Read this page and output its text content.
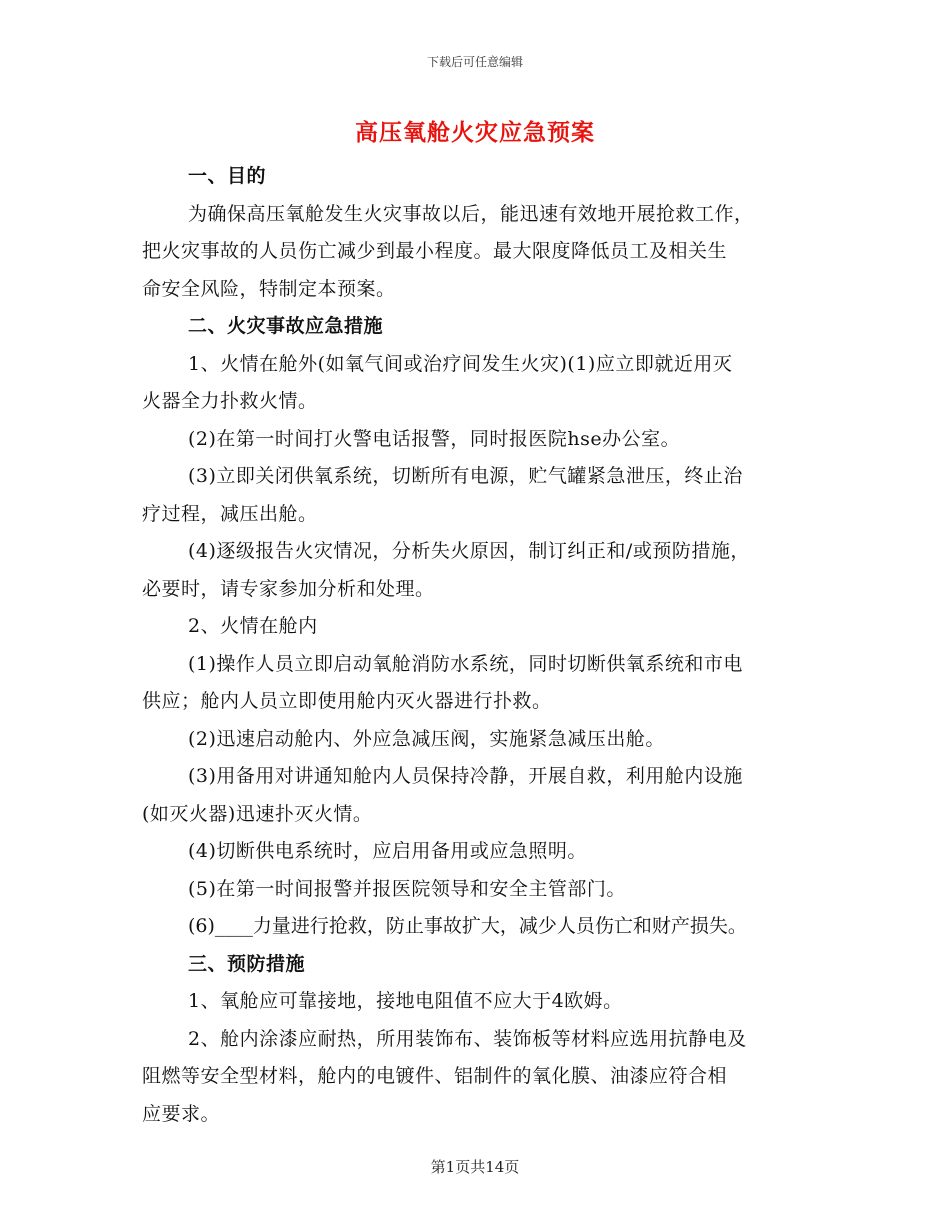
下载后可任意编辑
高压氧舱火灾应急预案
一、目的
为确保高压氧舱发生火灾事故以后，能迅速有效地开展抢救工作，
把火灾事故的人员伤亡减少到最小程度。最大限度降低员工及相关生
命安全风险，特制定本预案。
二、火灾事故应急措施
1、火情在舱外(如氧气间或治疗间发生火灾)(1)应立即就近用灭
火器全力扑救火情。
(2)在第一时间打火警电话报警，同时报医院hse办公室。
(3)立即关闭供氧系统，切断所有电源，贮气罐紧急泄压，终止治
疗过程，减压出舱。
(4)逐级报告火灾情况，分析失火原因，制订纠正和/或预防措施，
必要时，请专家参加分析和处理。
2、火情在舱内
(1)操作人员立即启动氧舱消防水系统，同时切断供氧系统和市电
供应；舱内人员立即使用舱内灭火器进行扑救。
(2)迅速启动舱内、外应急减压阀，实施紧急减压出舱。
(3)用备用对讲通知舱内人员保持冷静，开展自救，利用舱内设施
(如灭火器)迅速扑灭火情。
(4)切断供电系统时，应启用备用或应急照明。
(5)在第一时间报警并报医院领导和安全主管部门。
(6)____力量进行抢救，防止事故扩大，减少人员伤亡和财产损失。
三、预防措施
1、氧舱应可靠接地，接地电阻值不应大于4欧姆。
2、舱内涂漆应耐热，所用装饰布、装饰板等材料应选用抗静电及
阻燃等安全型材料，舱内的电镀件、铝制件的氧化膜、油漆应符合相
应要求。
第1页共14页
